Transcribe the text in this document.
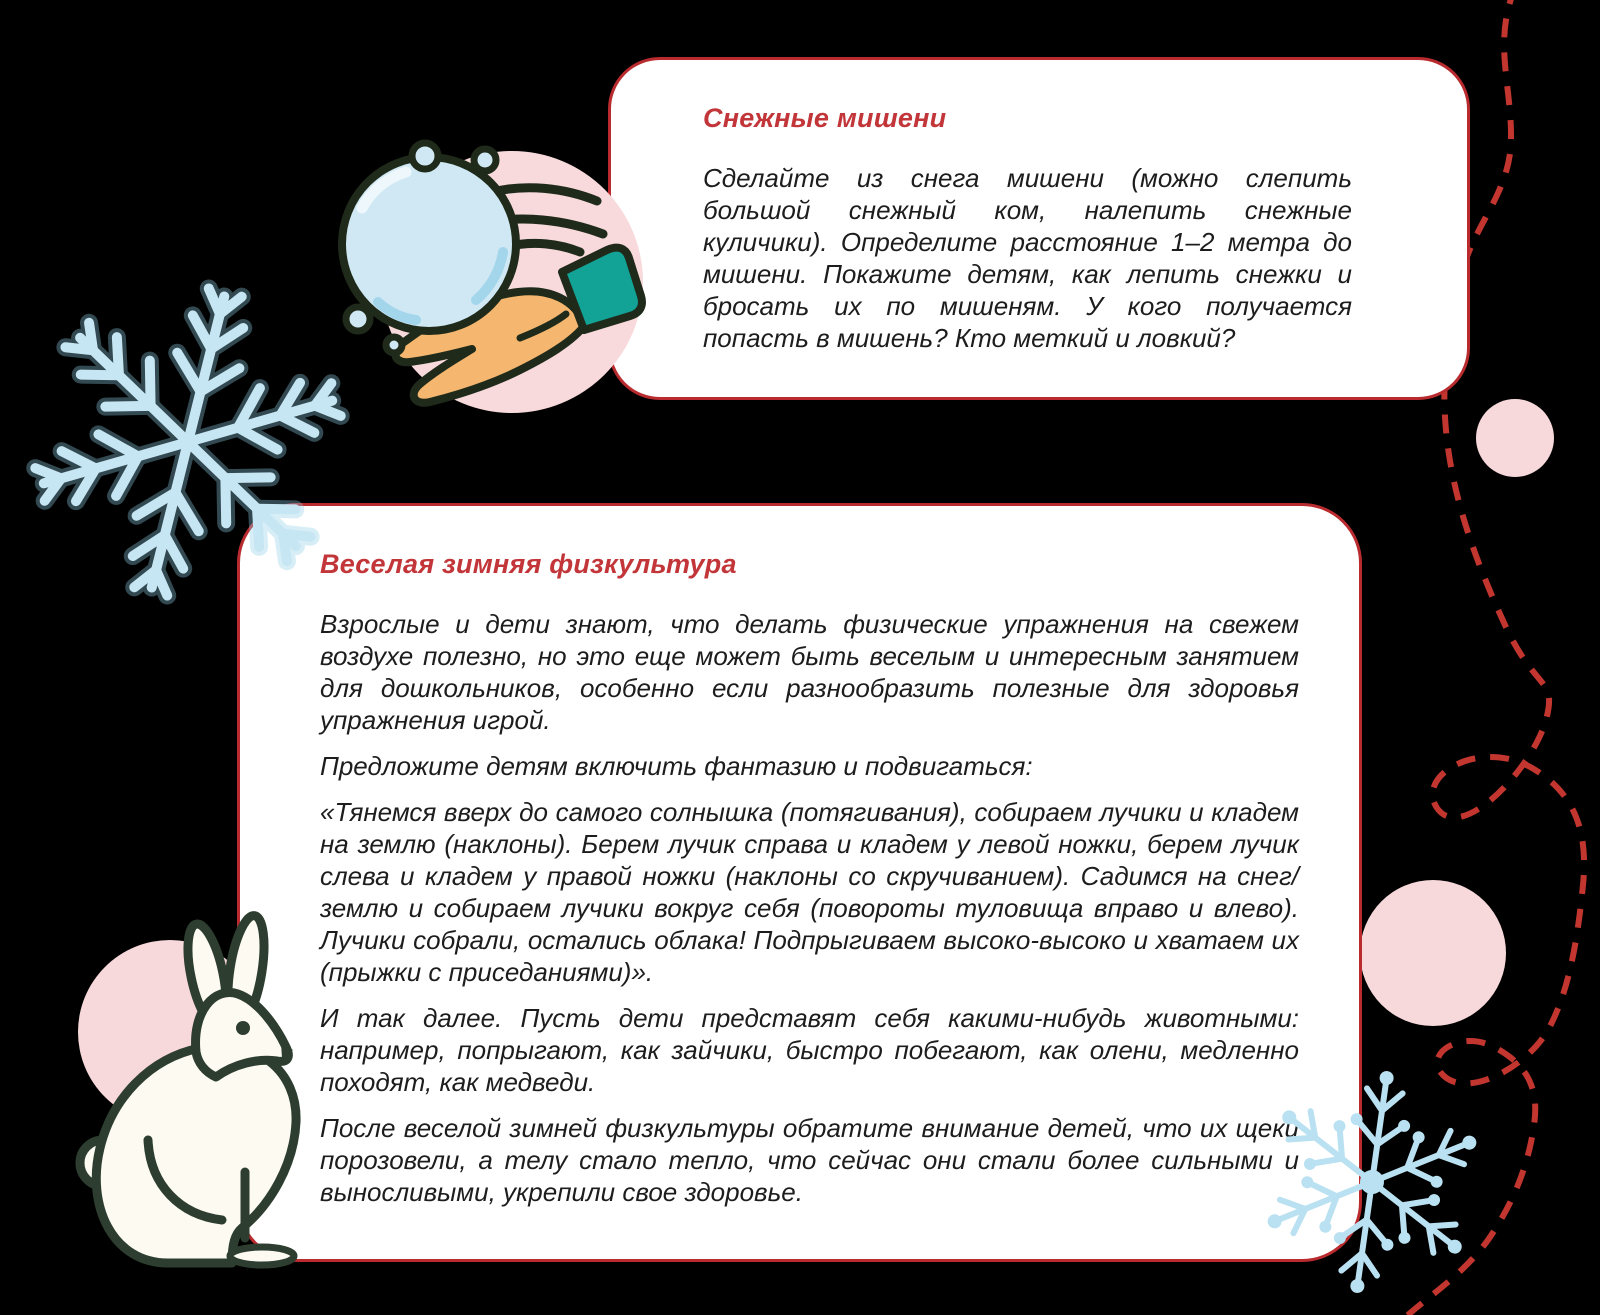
Снежные мишени

Сделайте из снега мишени (можно слепить большой снежный ком, налепить снежные куличики). Определите расстояние 1–2 метра до мишени. Покажите детям, как лепить снежки и бросать их по мишеням. У кого получается попасть в мишень? Кто меткий и ловкий?

Веселая зимняя физкультура

Взрослые и дети знают, что делать физические упражнения на свежем воздухе полезно, но это еще может быть веселым и интересным занятием для дошкольников, особенно если разнообразить полезные для здоровья упражнения игрой.

Предложите детям включить фантазию и подвигаться:

«Тянемся вверх до самого солнышка (потягивания), собираем лучики и кладем на землю (наклоны). Берем лучик справа и кладем у левой ножки, берем лучик слева и кладем у правой ножки (наклоны со скручиванием). Садимся на снег/землю и собираем лучики вокруг себя (повороты туловища вправо и влево). Лучики собрали, остались облака! Подпрыгиваем высоко-высоко и хватаем их (прыжки с приседаниями)».

И так далее. Пусть дети представят себя какими-нибудь животными: например, попрыгают, как зайчики, быстро побегают, как олени, медленно походят, как медведи.

После веселой зимней физкультуры обратите внимание детей, что их щеки порозовели, а телу стало тепло, что сейчас они стали более сильными и выносливыми, укрепили свое здоровье.
